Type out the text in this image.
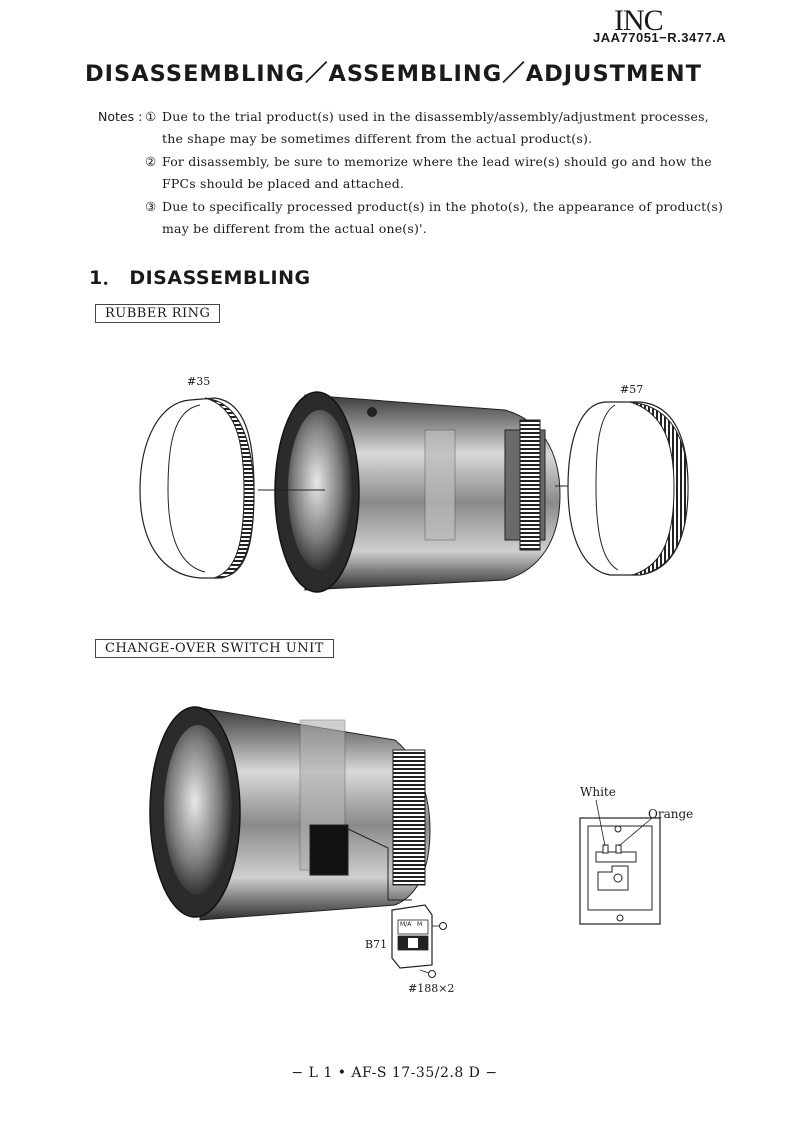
INC
JAA77051−R.3477.A
DISASSEMBLING／ASSEMBLING／ADJUSTMENT
Notes : ① Due to the trial product(s) used in the disassembly/assembly/adjustment processes,
the shape may be sometimes different from the actual product(s).
② For disassembly, be sure to memorize where the lead wire(s) should go and how the
FPCs should be placed and attached.
③ Due to specifically processed product(s) in the photo(s), the appearance of product(s)
may be different from the actual one(s)'.
1． DISASSEMBLING
RUBBER RING
#35
#57
CHANGE-OVER SWITCH UNIT
White
Orange
B71
#188×2
M/A M
− L 1 • AF-S 17-35/2.8 D −
